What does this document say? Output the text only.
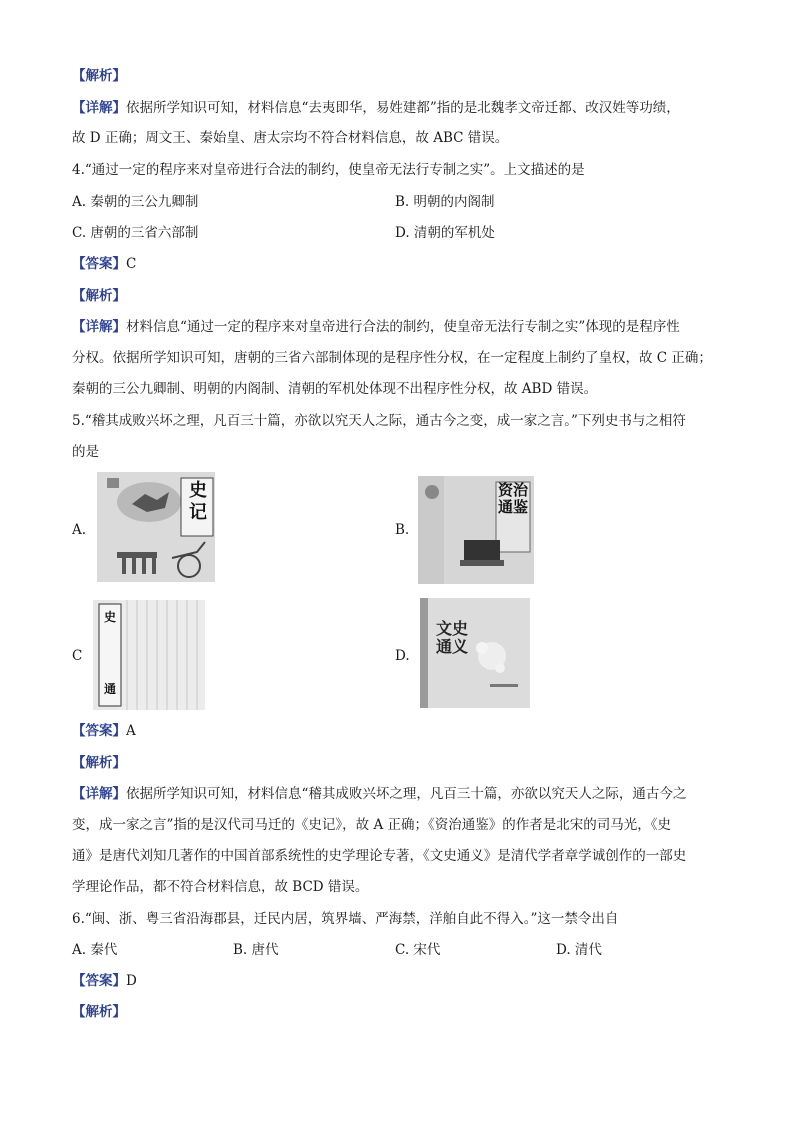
【解析】
【详解】依据所学知识可知，材料信息“去夷即华，易姓建都”指的是北魏孝文帝迁都、改汉姓等功绩，
故 D 正确；周文王、秦始皇、唐太宗均不符合材料信息，故 ABC 错误。
4.“通过一定的程序来对皇帝进行合法的制约，使皇帝无法行专制之实”。上文描述的是
A. 秦朝的三公九卿制	B. 明朝的内阁制
C. 唐朝的三省六部制	D. 清朝的军机处
【答案】C
【解析】
【详解】材料信息“通过一定的程序来对皇帝进行合法的制约，使皇帝无法行专制之实”体现的是程序性
分权。依据所学知识可知，唐朝的三省六部制体现的是程序性分权，在一定程度上制约了皇权，故 C 正确；
秦朝的三公九卿制、明朝的内阁制、清朝的军机处体现不出程序性分权，故 ABD 错误。
5.“稽其成败兴坏之理，凡百三十篇，亦欲以究天人之际，通古今之变，成一家之言。”下列史书与之相符
的是
A.
史记
B.
资治通鉴
C
史
通
D.
文史通义
【答案】A
【解析】
【详解】依据所学知识可知，材料信息“稽其成败兴坏之理，凡百三十篇，亦欲以究天人之际，通古今之
变，成一家之言”指的是汉代司马迁的《史记》，故 A 正确；《资治通鉴》的作者是北宋的司马光，《史
通》是唐代刘知几著作的中国首部系统性的史学理论专著，《文史通义》是清代学者章学诚创作的一部史
学理论作品，都不符合材料信息，故 BCD 错误。
6.“闽、浙、粤三省沿海郡县，迁民内居，筑界墙、严海禁，洋舶自此不得入。”这一禁令出自
A. 秦代	B. 唐代	C. 宋代	D. 清代
【答案】D
【解析】
